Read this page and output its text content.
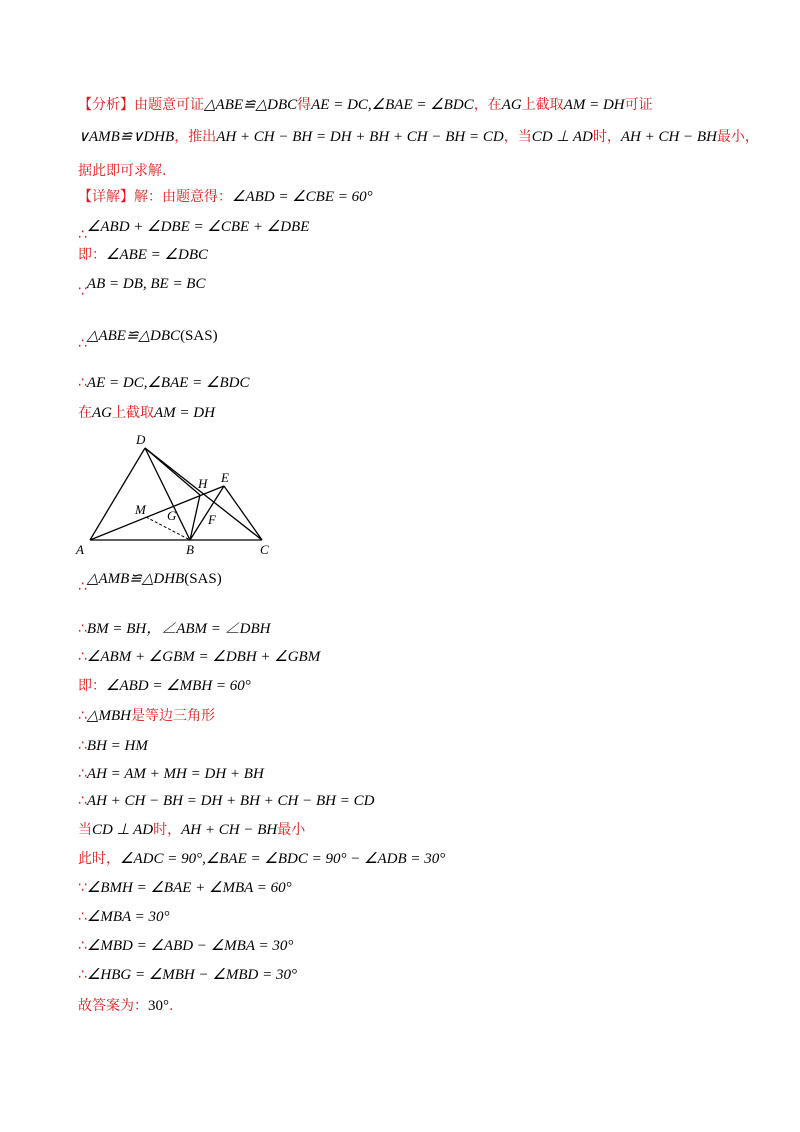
【分析】由题意可证△ABE≌△DBC得AE = DC,∠BAE = ∠BDC，在AG上截取AM = DH可证
∨AMB≌∨DHB，推出AH + CH − BH = DH + BH + CH − BH = CD，当CD ⊥ AD时，AH + CH − BH最小，
据此即可求解.
【详解】解：由题意得：∠ABD = ∠CBE = 60°
∴∠ABD + ∠DBE = ∠CBE + ∠DBE
即：∠ABE = ∠DBC
∵AB = DB, BE = BC
∴△ABE≌△DBC(SAS)
∴AE = DC,∠BAE = ∠BDC
在AG上截取AM = DH
D
A	B	C
E
H
M G F
∴△AMB≌△DHB(SAS)
∴BM = BH，∠ABM = ∠DBH
∴∠ABM + ∠GBM = ∠DBH + ∠GBM
即：∠ABD = ∠MBH = 60°
∴△MBH是等边三角形
∴BH = HM
∴AH = AM + MH = DH + BH
∴AH + CH − BH = DH + BH + CH − BH = CD
当CD ⊥ AD时，AH + CH − BH最小
此时，∠ADC = 90°,∠BAE = ∠BDC = 90° − ∠ADB = 30°
∵∠BMH = ∠BAE + ∠MBA = 60°
∴∠MBA = 30°
∴∠MBD = ∠ABD − ∠MBA = 30°
∴∠HBG = ∠MBH − ∠MBD = 30°
故答案为：30°.
